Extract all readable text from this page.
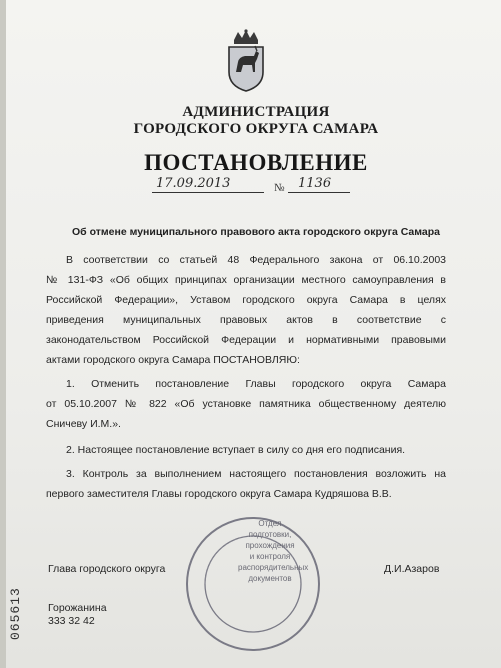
АДМИНИСТРАЦИЯ
ГОРОДСКОГО ОКРУГА САМАРА
ПОСТАНОВЛЕНИЕ
17.09.2013	№ 1136
Об отмене муниципального правового акта городского округа Самара
В соответствии со статьей 48 Федерального закона от 06.10.2003
№ 131-ФЗ «Об общих принципах организации местного самоуправления в
Российской Федерации», Уставом городского округа Самара в целях
приведения муниципальных правовых актов в соответствие с
законодательством Российской Федерации и нормативными правовыми
актами городского округа Самара ПОСТАНОВЛЯЮ:
1. Отменить постановление Главы городского округа Самара
от 05.10.2007 № 822 «Об установке памятника общественному деятелю
Сничеву И.М.».
2. Настоящее постановление вступает в силу со дня его подписания.
3. Контроль за выполнением настоящего постановления возложить на
первого заместителя Главы городского округа Самара Кудряшова В.В.
Отдел
подготовки,
прохождения
и контроля
распорядительных
документов
Глава городского округа	Д.И.Азаров
Горожанина
333 32 42
065613
